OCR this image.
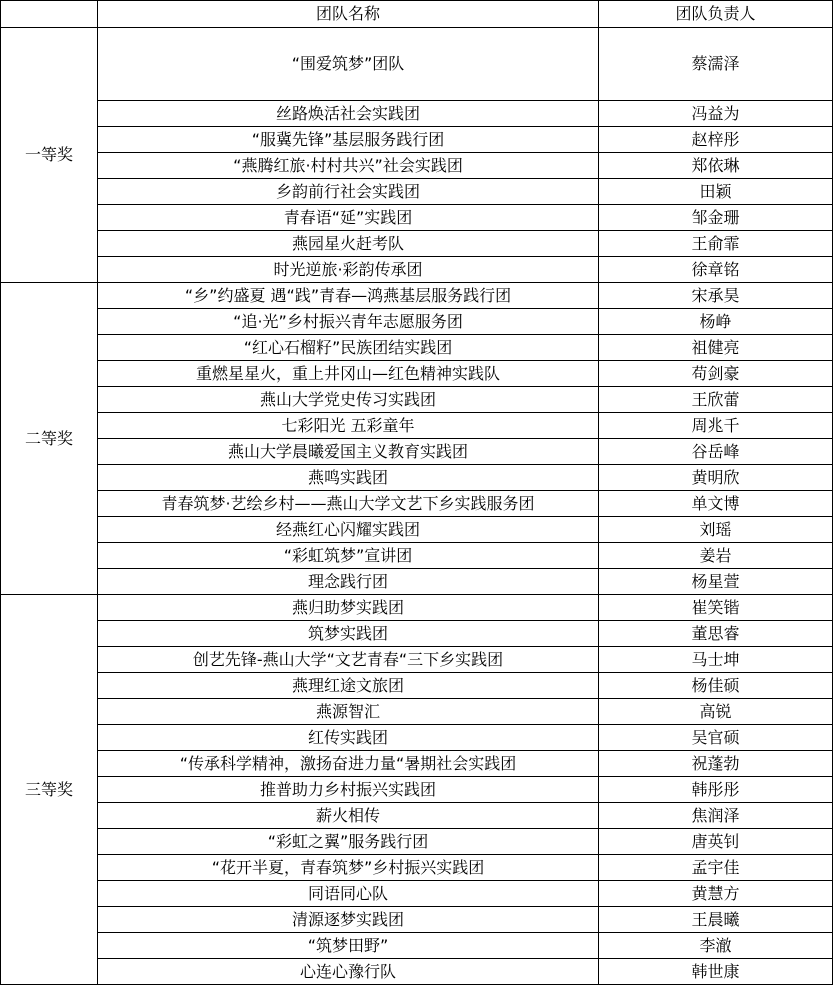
	团队名称	团队负责人
一等奖	“围爱筑梦”团队	蔡濡泽
	丝路焕活社会实践团	冯益为
	“服冀先锋”基层服务践行团	赵梓彤
	“燕腾红旅·村村共兴”社会实践团	郑依琳
	乡韵前行社会实践团	田颖
	青春语“延”实践团	邹金珊
	燕园星火赶考队	王俞霏
	时光逆旅·彩韵传承团	徐章铭
二等奖	“乡”约盛夏 遇“践”青春—鸿燕基层服务践行团	宋承昊
	“追·光”乡村振兴青年志愿服务团	杨峥
	“红心石榴籽”民族团结实践团	祖健亮
	重燃星星火，重上井冈山—红色精神实践队	苟剑豪
	燕山大学党史传习实践团	王欣蕾
	七彩阳光 五彩童年	周兆千
	燕山大学晨曦爱国主义教育实践团	谷岳峰
	燕鸣实践团	黄明欣
	青春筑梦·艺绘乡村——燕山大学文艺下乡实践服务团	单文博
	经燕红心闪耀实践团	刘瑶
	“彩虹筑梦”宣讲团	姜岩
	理念践行团	杨星萱
三等奖	燕归助梦实践团	崔笑锴
	筑梦实践团	董思睿
	创艺先锋-燕山大学“文艺青春“三下乡实践团	马士坤
	燕理红途文旅团	杨佳硕
	燕源智汇	高锐
	红传实践团	吴官硕
	“传承科学精神，激扬奋进力量“暑期社会实践团	祝蓬勃
	推普助力乡村振兴实践团	韩彤彤
	薪火相传	焦润泽
	“彩虹之翼”服务践行团	唐英钊
	“花开半夏，青春筑梦”乡村振兴实践团	孟宇佳
	同语同心队	黄慧方
	清源逐梦实践团	王晨曦
	“筑梦田野”	李澈
	心连心豫行队	韩世康
